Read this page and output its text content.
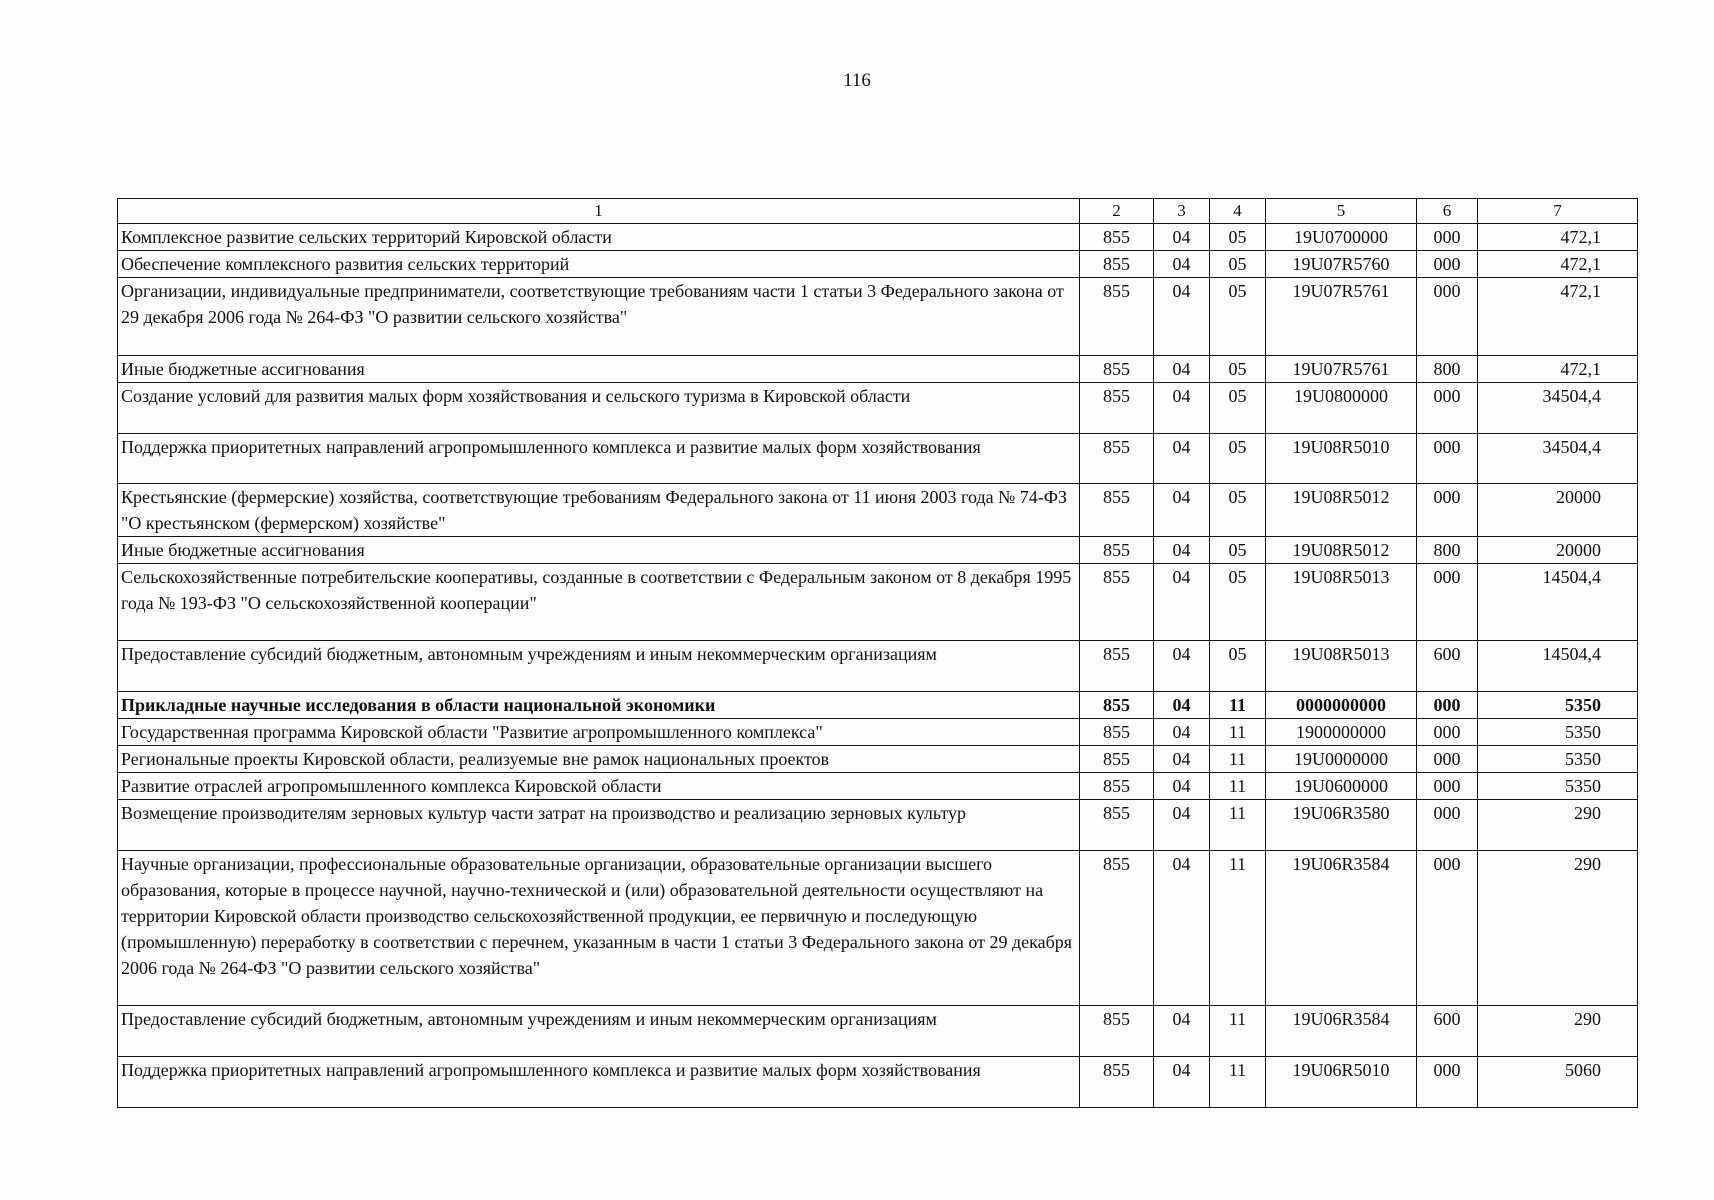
116
1	2	3	4	5	6	7
Комплексное развитие сельских территорий Кировской области	855	04	05	19U0700000	000	472,1
Обеспечение комплексного развития сельских территорий	855	04	05	19U07R5760	000	472,1
Организации, индивидуальные предприниматели, соответствующие требованиям части 1 статьи 3 Федерального закона от 29 декабря 2006 года № 264-ФЗ "О развитии сельского хозяйства"	855	04	05	19U07R5761	000	472,1
Иные бюджетные ассигнования	855	04	05	19U07R5761	800	472,1
Создание условий для развития малых форм хозяйствования и сельского туризма в Кировской области	855	04	05	19U0800000	000	34504,4
Поддержка приоритетных направлений агропромышленного комплекса и развитие малых форм хозяйствования	855	04	05	19U08R5010	000	34504,4
Крестьянские (фермерские) хозяйства, соответствующие требованиям Федерального закона от 11 июня 2003 года № 74-ФЗ "О крестьянском (фермерском) хозяйстве"	855	04	05	19U08R5012	000	20000
Иные бюджетные ассигнования	855	04	05	19U08R5012	800	20000
Сельскохозяйственные потребительские кооперативы, созданные в соответствии с Федеральным законом от 8 декабря 1995 года № 193-ФЗ "О сельскохозяйственной кооперации"	855	04	05	19U08R5013	000	14504,4
Предоставление субсидий бюджетным, автономным учреждениям и иным некоммерческим организациям	855	04	05	19U08R5013	600	14504,4
Прикладные научные исследования в области национальной экономики	855	04	11	0000000000	000	5350
Государственная программа Кировской области "Развитие агропромышленного комплекса"	855	04	11	1900000000	000	5350
Региональные проекты Кировской области, реализуемые вне рамок национальных проектов	855	04	11	19U0000000	000	5350
Развитие отраслей агропромышленного комплекса Кировской области	855	04	11	19U0600000	000	5350
Возмещение производителям зерновых культур части затрат на производство и реализацию зерновых культур	855	04	11	19U06R3580	000	290
Научные организации, профессиональные образовательные организации, образовательные организации высшего образования, которые в процессе научной, научно-технической и (или) образовательной деятельности осуществляют на территории Кировской области производство сельскохозяйственной продукции, ее первичную и последующую (промышленную) переработку в соответствии с перечнем, указанным в части 1 статьи 3 Федерального закона от 29 декабря 2006 года № 264-ФЗ "О развитии сельского хозяйства"	855	04	11	19U06R3584	000	290
Предоставление субсидий бюджетным, автономным учреждениям и иным некоммерческим организациям	855	04	11	19U06R3584	600	290
Поддержка приоритетных направлений агропромышленного комплекса и развитие малых форм хозяйствования	855	04	11	19U06R5010	000	5060
